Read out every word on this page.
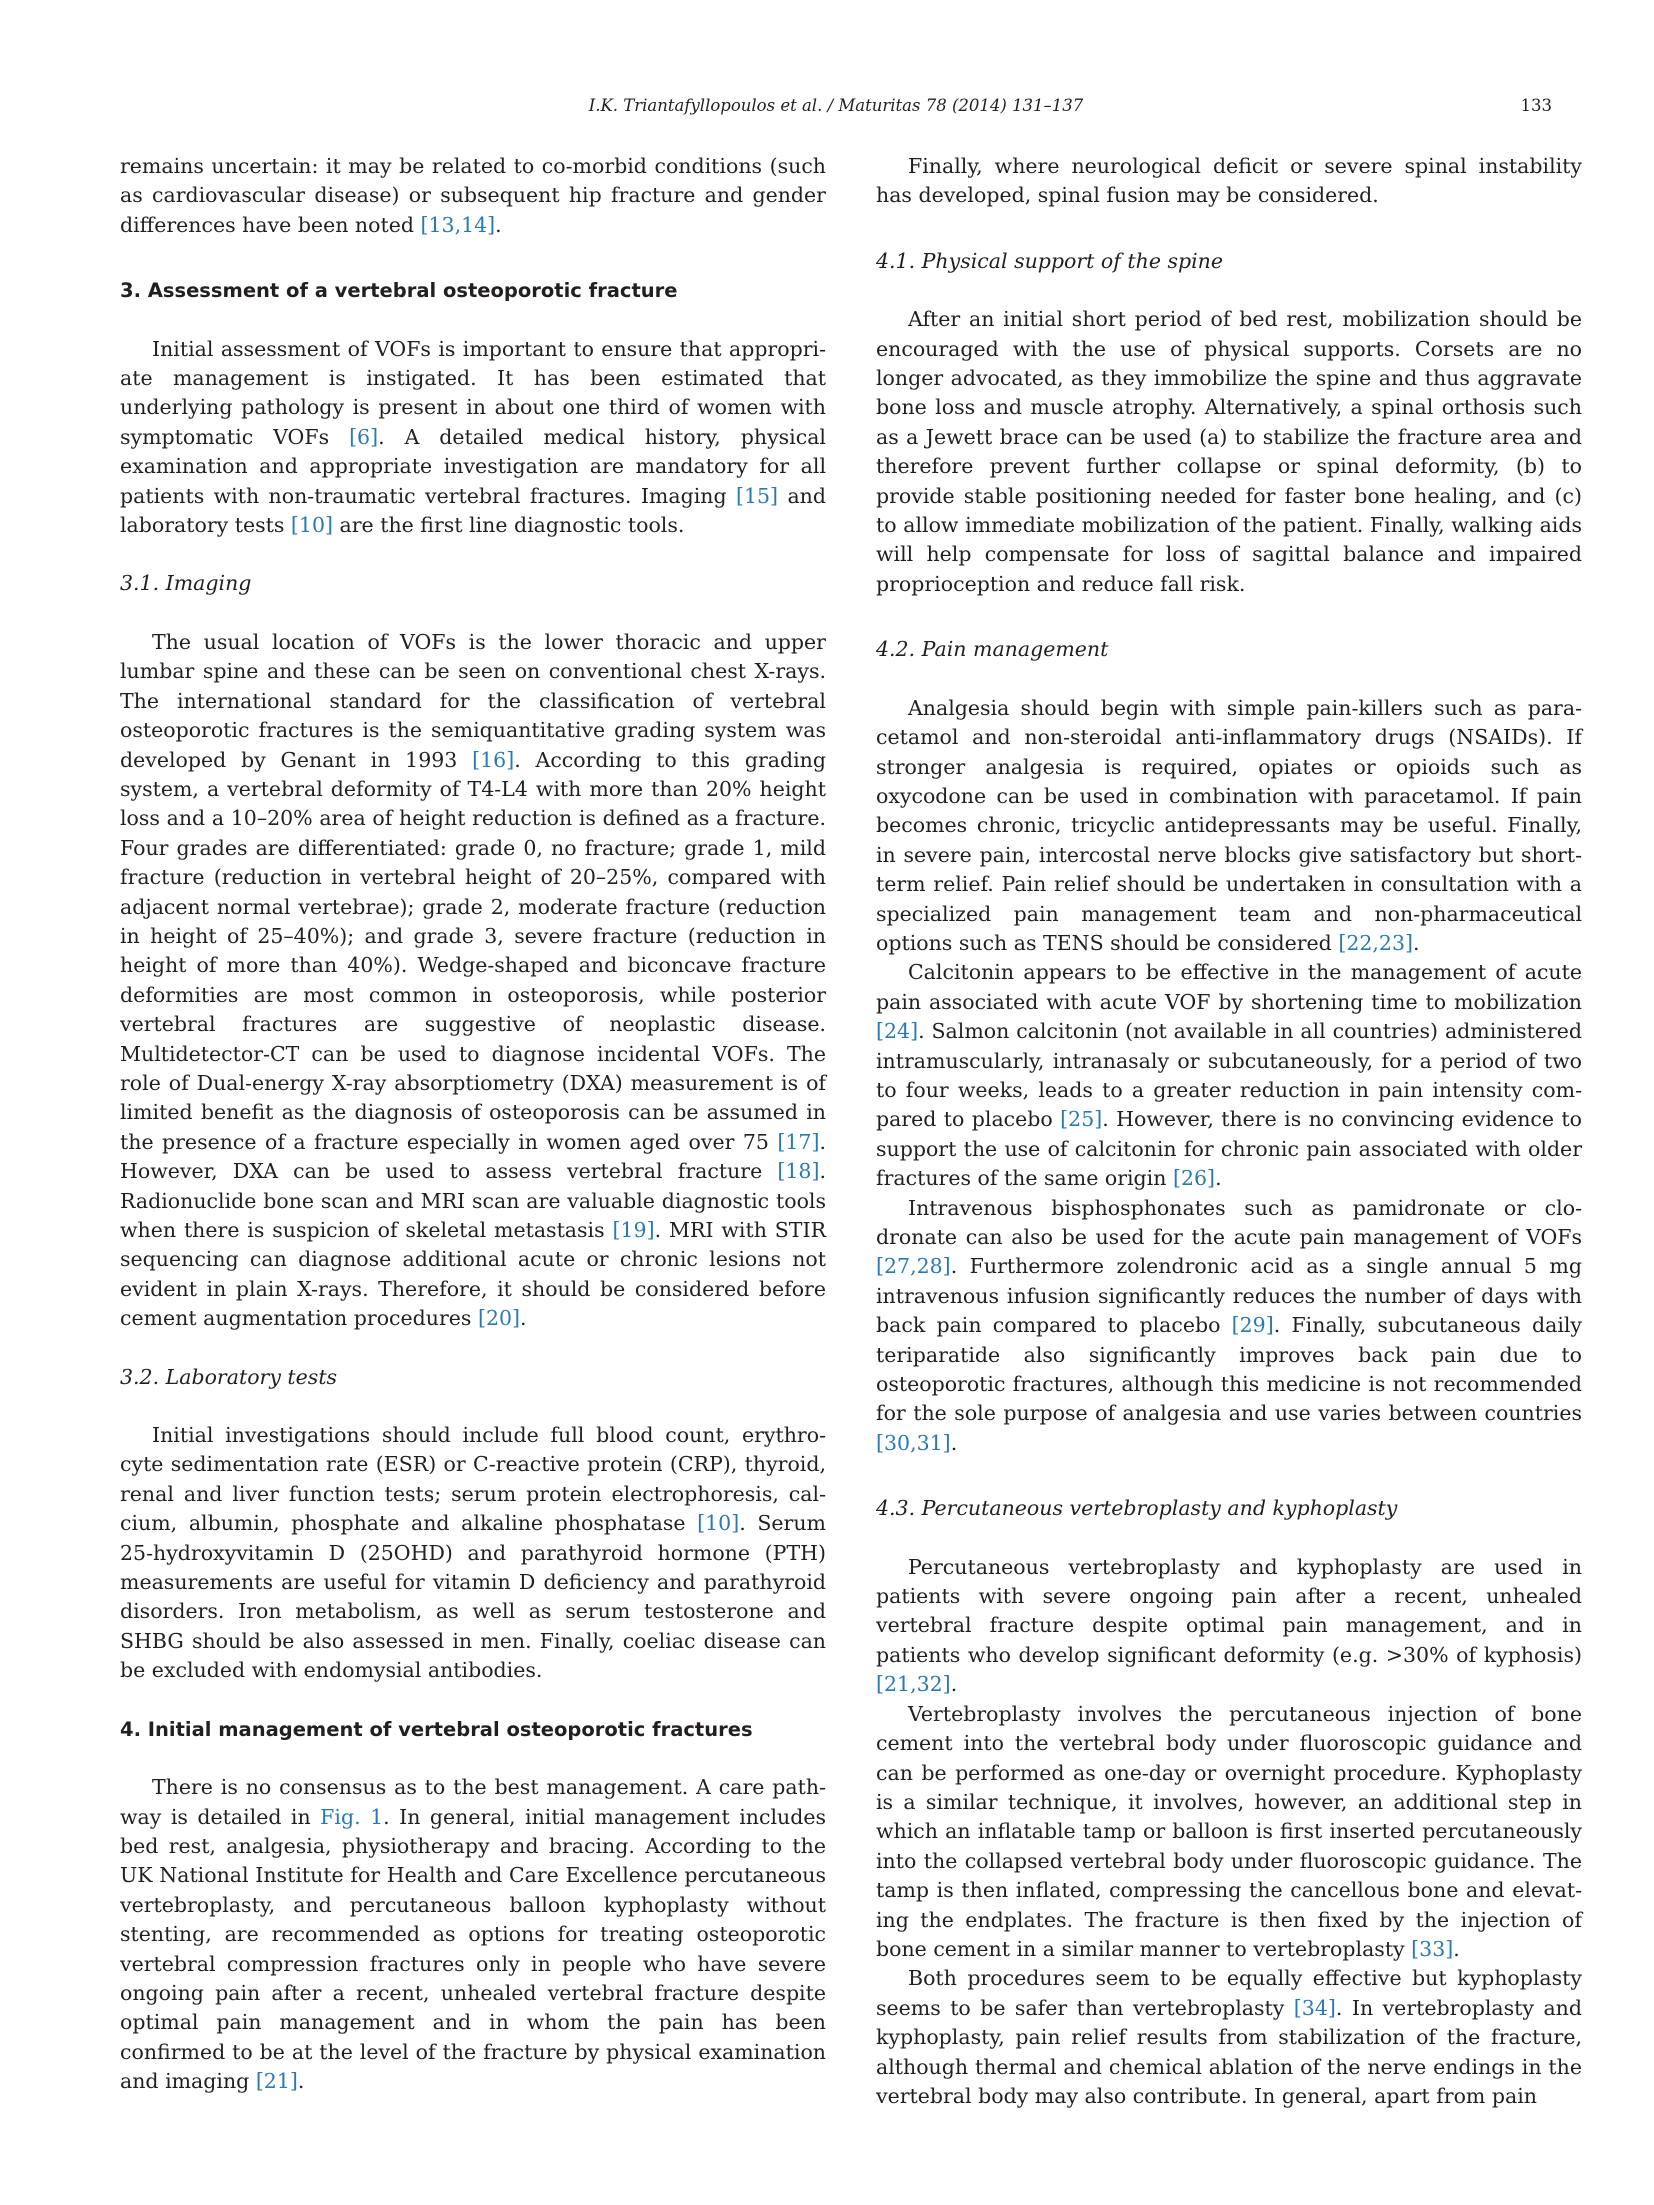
I.K. Triantafyllopoulos et al. / Maturitas 78 (2014) 131–137	133

remains uncertain: it may be related to co-morbid conditions (such as cardiovascular disease) or subsequent hip fracture and gender differences have been noted [13,14].

3. Assessment of a vertebral osteoporotic fracture

Initial assessment of VOFs is important to ensure that appropriate management is instigated. It has been estimated that underlying pathology is present in about one third of women with symptomatic VOFs [6]. A detailed medical history, physical examination and appropriate investigation are mandatory for all patients with non-traumatic vertebral fractures. Imaging [15] and laboratory tests [10] are the first line diagnostic tools.

3.1. Imaging

The usual location of VOFs is the lower thoracic and upper lumbar spine and these can be seen on conventional chest X-rays. The international standard for the classification of vertebral osteoporotic fractures is the semiquantitative grading system was developed by Genant in 1993 [16]. According to this grading system, a vertebral deformity of T4-L4 with more than 20% height loss and a 10–20% area of height reduction is defined as a fracture. Four grades are differentiated: grade 0, no fracture; grade 1, mild fracture (reduction in vertebral height of 20–25%, compared with adjacent normal vertebrae); grade 2, moderate fracture (reduction in height of 25–40%); and grade 3, severe fracture (reduction in height of more than 40%). Wedge-shaped and biconcave fracture deformities are most common in osteoporosis, while posterior vertebral fractures are suggestive of neoplastic disease. Multidetector-CT can be used to diagnose incidental VOFs. The role of Dual-energy X-ray absorptiometry (DXA) measurement is of limited benefit as the diagnosis of osteoporosis can be assumed in the presence of a fracture especially in women aged over 75 [17]. However, DXA can be used to assess vertebral fracture [18]. Radionuclide bone scan and MRI scan are valuable diagnostic tools when there is suspicion of skeletal metastasis [19]. MRI with STIR sequencing can diagnose additional acute or chronic lesions not evident in plain X-rays. Therefore, it should be considered before cement augmentation procedures [20].

3.2. Laboratory tests

Initial investigations should include full blood count, erythrocyte sedimentation rate (ESR) or C-reactive protein (CRP), thyroid, renal and liver function tests; serum protein electrophoresis, calcium, albumin, phosphate and alkaline phosphatase [10]. Serum 25-hydroxyvitamin D (25OHD) and parathyroid hormone (PTH) measurements are useful for vitamin D deficiency and parathyroid disorders. Iron metabolism, as well as serum testosterone and SHBG should be also assessed in men. Finally, coeliac disease can be excluded with endomysial antibodies.

4. Initial management of vertebral osteoporotic fractures

There is no consensus as to the best management. A care pathway is detailed in Fig. 1. In general, initial management includes bed rest, analgesia, physiotherapy and bracing. According to the UK National Institute for Health and Care Excellence percutaneous vertebroplasty, and percutaneous balloon kyphoplasty without stenting, are recommended as options for treating osteoporotic vertebral compression fractures only in people who have severe ongoing pain after a recent, unhealed vertebral fracture despite optimal pain management and in whom the pain has been confirmed to be at the level of the fracture by physical examination and imaging [21].

Finally, where neurological deficit or severe spinal instability has developed, spinal fusion may be considered.

4.1. Physical support of the spine

After an initial short period of bed rest, mobilization should be encouraged with the use of physical supports. Corsets are no longer advocated, as they immobilize the spine and thus aggravate bone loss and muscle atrophy. Alternatively, a spinal orthosis such as a Jewett brace can be used (a) to stabilize the fracture area and therefore prevent further collapse or spinal deformity, (b) to provide stable positioning needed for faster bone healing, and (c) to allow immediate mobilization of the patient. Finally, walking aids will help compensate for loss of sagittal balance and impaired proprioception and reduce fall risk.

4.2. Pain management

Analgesia should begin with simple pain-killers such as paracetamol and non-steroidal anti-inflammatory drugs (NSAIDs). If stronger analgesia is required, opiates or opioids such as oxycodone can be used in combination with paracetamol. If pain becomes chronic, tricyclic antidepressants may be useful. Finally, in severe pain, intercostal nerve blocks give satisfactory but short-term relief. Pain relief should be undertaken in consultation with a specialized pain management team and non-pharmaceutical options such as TENS should be considered [22,23].

Calcitonin appears to be effective in the management of acute pain associated with acute VOF by shortening time to mobilization [24]. Salmon calcitonin (not available in all countries) administered intramuscularly, intranasaly or subcutaneously, for a period of two to four weeks, leads to a greater reduction in pain intensity compared to placebo [25]. However, there is no convincing evidence to support the use of calcitonin for chronic pain associated with older fractures of the same origin [26].

Intravenous bisphosphonates such as pamidronate or clodronate can also be used for the acute pain management of VOFs [27,28]. Furthermore zolendronic acid as a single annual 5 mg intravenous infusion significantly reduces the number of days with back pain compared to placebo [29]. Finally, subcutaneous daily teriparatide also significantly improves back pain due to osteoporotic fractures, although this medicine is not recommended for the sole purpose of analgesia and use varies between countries [30,31].

4.3. Percutaneous vertebroplasty and kyphoplasty

Percutaneous vertebroplasty and kyphoplasty are used in patients with severe ongoing pain after a recent, unhealed vertebral fracture despite optimal pain management, and in patients who develop significant deformity (e.g. >30% of kyphosis) [21,32].

Vertebroplasty involves the percutaneous injection of bone cement into the vertebral body under fluoroscopic guidance and can be performed as one-day or overnight procedure. Kyphoplasty is a similar technique, it involves, however, an additional step in which an inflatable tamp or balloon is first inserted percutaneously into the collapsed vertebral body under fluoroscopic guidance. The tamp is then inflated, compressing the cancellous bone and elevating the endplates. The fracture is then fixed by the injection of bone cement in a similar manner to vertebroplasty [33].

Both procedures seem to be equally effective but kyphoplasty seems to be safer than vertebroplasty [34]. In vertebroplasty and kyphoplasty, pain relief results from stabilization of the fracture, although thermal and chemical ablation of the nerve endings in the vertebral body may also contribute. In general, apart from pain
